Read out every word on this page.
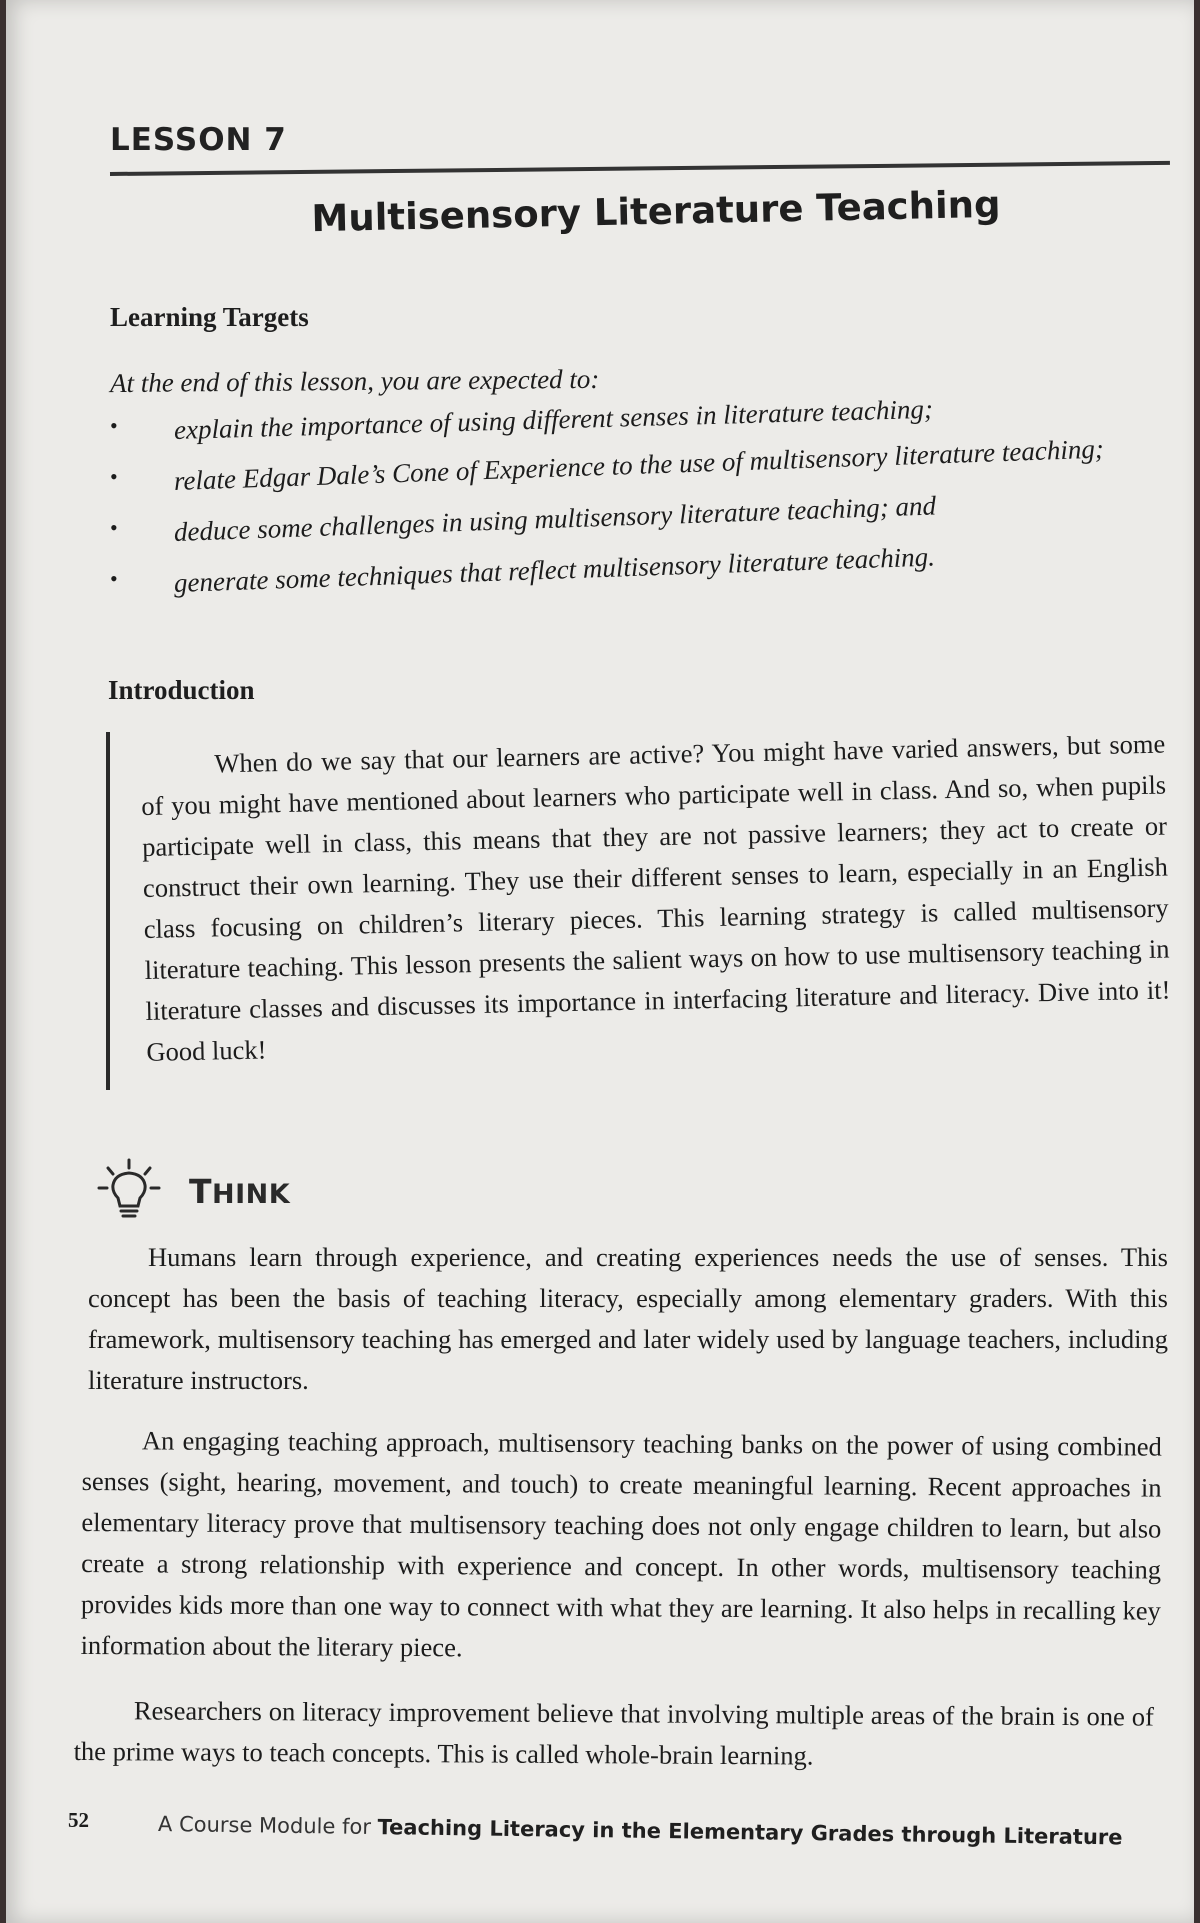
LESSON 7
Multisensory Literature Teaching
Learning Targets
At the end of this lesson, you are expected to:
• explain the importance of using different senses in literature teaching;
• relate Edgar Dale’s Cone of Experience to the use of multisensory literature teaching;
• deduce some challenges in using multisensory literature teaching; and
• generate some techniques that reflect multisensory literature teaching.
Introduction
When do we say that our learners are active? You might have varied answers, but some of you might have mentioned about learners who participate well in class. And so, when pupils participate well in class, this means that they are not passive learners; they act to create or construct their own learning. They use their different senses to learn, especially in an English class focusing on children’s literary pieces. This learning strategy is called multisensory literature teaching. This lesson presents the salient ways on how to use multisensory teaching in literature classes and discusses its importance in interfacing literature and literacy. Dive into it! Good luck!
THINK
Humans learn through experience, and creating experiences needs the use of senses. This concept has been the basis of teaching literacy, especially among elementary graders. With this framework, multisensory teaching has emerged and later widely used by language teachers, including literature instructors.
An engaging teaching approach, multisensory teaching banks on the power of using combined senses (sight, hearing, movement, and touch) to create meaningful learning. Recent approaches in elementary literacy prove that multisensory teaching does not only engage children to learn, but also create a strong relationship with experience and concept. In other words, multisensory teaching provides kids more than one way to connect with what they are learning. It also helps in recalling key information about the literary piece.
Researchers on literacy improvement believe that involving multiple areas of the brain is one of the prime ways to teach concepts. This is called whole-brain learning.
52	A Course Module for Teaching Literacy in the Elementary Grades through Literature
